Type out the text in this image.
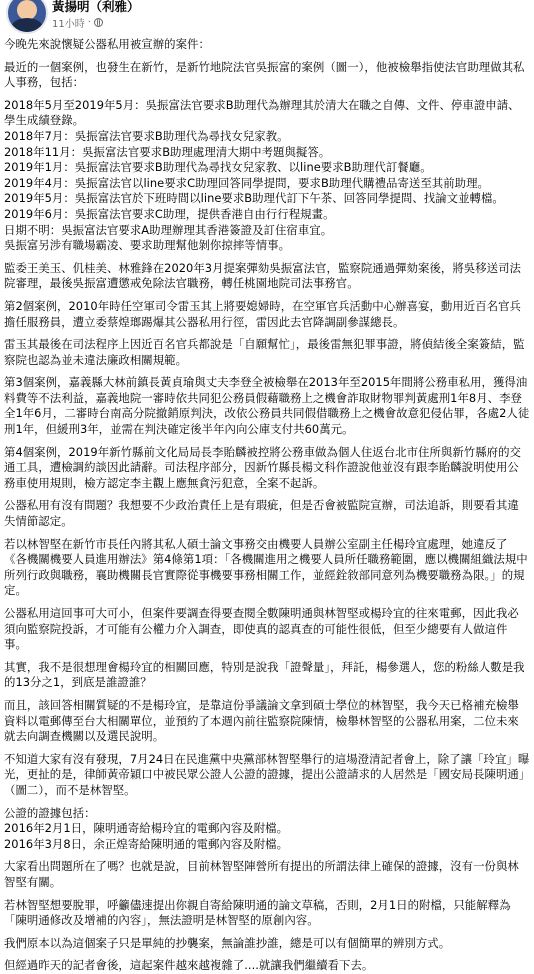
黃揚明（利雅）
11小時 ·

今晚先來說懷疑公器私用被宣辦的案件：

最近的一個案例，也發生在新竹，是新竹地院法官吳振富的案例（圖一），他被檢舉指使法官助理做其私人事務，包括：

2018年5月至2019年5月：吳振富法官要求B助理代為辦理其於清大在職之自傳、文件、停車證申請、學生成績登錄。

2018年7月：吳振富法官要求B助理代為尋找女兒家教。

2018年11月：吳振富法官要求B助理處理清大期中考題與擬答。

2019年1月：吳振富法官要求B助理代為尋找女兒家教、以line要求B助理代訂餐廳。

2019年4月：吳振富法官以line要求C助理回答同學提問，要求B助理代購禮品寄送至其前助理。

2019年5月：吳振富法官於下班時間以line要求B助理代訂下午茶、回答同學提問、找論文並轉檔。

2019年6月：吳振富法官要求C助理，提供香港自由行行程規畫。

日期不明：吳振富法官要求A助理辦理其香港簽證及訂住宿車宜。

吳振富另涉有職場霸凌、要求助理幫他剝你掠摔等情事。

監委王美玉、仉桂美、林雅鋒在2020年3月提案彈劾吳振富法官，監察院通過彈劾案後，將吳移送司法院審理，最後吳振富遭懲戒免除法官職務，轉任桃園地院司法事務官。

第2個案例，2010年時任空軍司令雷玉其上將要媳婦時，在空軍官兵活動中心辦喜宴，動用近百名官兵擔任服務員，遭立委蔡煌瑯踢爆其公器私用行徑，雷因此去官降調副參謀總長。

雷玉其最後在司法程序上因近百名官兵都說是「自願幫忙」，最後雷無犯罪事證，將偵結後全案簽結，監察院也認為並未違法廉政相關規範。

第3個案例，嘉義縣大林前鎮長黃貞瑜與丈夫李登全被檢舉在2013年至2015年間將公務車私用，獲得油料費等不法利益，嘉義地院一審時依共同犯公務員假藉職務上之機會詐取財物罪判黃處刑1年8月、李登全1年6月，二審時台南高分院撤銷原判決，改依公務員共同假借職務上之機會故意犯侵佔罪，各處2人徒刑1年，但緩刑3年，並需在判決確定後半年內向公庫支付共60萬元。

第4個案例，2019年新竹縣前文化局局長李貽麟被控將公務車做為個人住返台北市住所與新竹縣府的交通工具，遭檢調約談因此請辭。司法程序部分，因新竹縣長楊文科作證說他並沒有跟李貽麟說明使用公務車使用規則，檢方認定李主觀上應無貪污犯意，全案不起訴。

公器私用有沒有問題？我想要不少政治責任上是有瑕疵，但是否會被監院宣辦，司法追訴，則要看其違失情節認定。

若以林智堅在新竹市長任內將其私人碩士論文事務交由機要人員辦公室副主任楊玲宜處理，她違反了《各機關機要人員進用辦法》第4條第1項：「各機關進用之機要人員所任職務範圍，應以機關組織法規中所列行政與職務，襄助機關長官實際從事機要事務相關工作，並經銓敘部同意列為機要職務為限。」的規定。

公器私用這回事可大可小，但案件要調查得要查閱全數陳明通與林智堅或楊玲宜的往來電郵，因此我必須向監察院投訴，才可能有公權力介入調查，即使真的認真查的可能性很低，但至少總要有人做這件事。

其實，我不是很想理會楊玲宜的相關回應，特別是說我「證聲量」，拜託，楊參選人，您的粉絲人數是我的13分之1，到底是誰證誰？

而且，該回答相關質疑的不是楊玲宜，是靠這份爭議論文拿到碩士學位的林智堅，我今天已格補充檢舉資料以電郵傳至台大相關單位，並預約了本週內前往監察院陳情，檢舉林智堅的公器私用案，二位未來就去向調查機關以及選民說明。

不知道大家有沒有發現，7月24日在民進黨中央黨部林智堅舉行的這場澄清記者會上，除了讓「玲宜」曝光，更扯的是，律師黃帝穎口中被民眾公證人公證的證據，提出公證請求的人居然是「國安局長陳明通」（圖二），而不是林智堅。

公證的證據包括：

2016年2月1日，陳明通寄給楊玲宜的電郵內容及附檔。

2016年3月8日，余正煌寄給陳明通的電郵內容及附檔。

大家看出問題所在了嗎？也就是說，目前林智堅陣營所有提出的所謂法律上確保的證據，沒有一份與林智堅有關。

若林智堅想要脫罪，呼籲儘速提出你親自寄給陳明通的論文草稿，否則，2月1日的附檔，只能解釋為「陳明通修改及增補的內容」，無法證明是林智堅的原創內容。

我們原本以為這個案子只是單純的抄襲案，無論誰抄誰，總是可以有個簡單的辨別方式。

但經過昨天的記者會後，這起案件越來越複雜了....就讓我們繼續看下去。
